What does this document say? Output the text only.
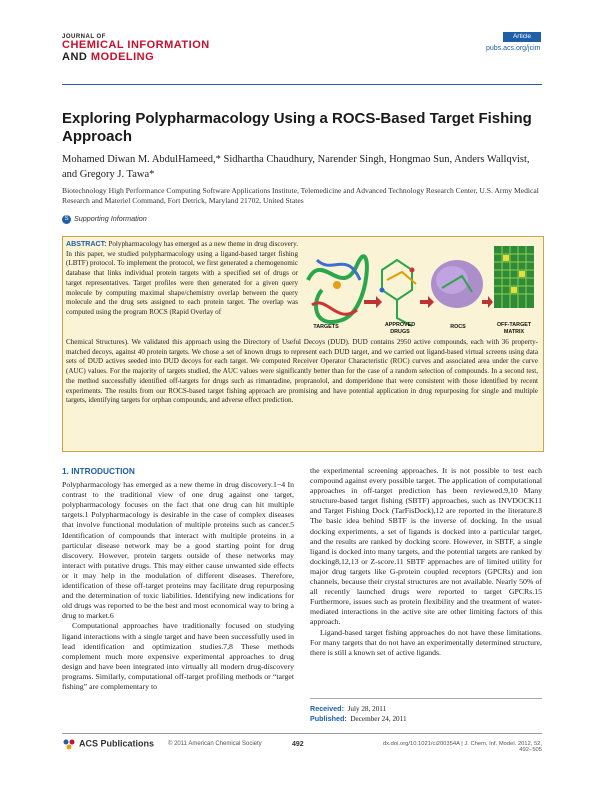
JOURNAL OF
CHEMICAL INFORMATION
AND MODELING
Article
pubs.acs.org/jcim
Exploring Polypharmacology Using a ROCS-Based Target Fishing Approach
Mohamed Diwan M. AbdulHameed,* Sidhartha Chaudhury, Narender Singh, Hongmao Sun, Anders Wallqvist, and Gregory J. Tawa*
Biotechnology High Performance Computing Software Applications Institute, Telemedicine and Advanced Technology Research Center, U.S. Army Medical Research and Materiel Command, Fort Detrick, Maryland 21702, United States
S Supporting Information
ABSTRACT: Polypharmacology has emerged as a new theme in drug discovery. In this paper, we studied polypharmacology using a ligand-based target fishing (LBTF) protocol. To implement the protocol, we first generated a chemogenomic database that links individual protein targets with a specified set of drugs or target representatives. Target profiles were then generated for a given query molecule by computing maximal shape/chemistry overlap between the query molecule and the drug sets assigned to each protein target. The overlap was computed using the program ROCS (Rapid Overlay of
TARGETS	APPROVED
DRUGS
ROCS	OFF-TARGET
MATRIX
Chemical Structures). We validated this approach using the Directory of Useful Decoys (DUD). DUD contains 2950 active compounds, each with 36 property-matched decoys, against 40 protein targets. We chose a set of known drugs to represent each DUD target, and we carried out ligand-based virtual screens using data sets of DUD actives seeded into DUD decoys for each target. We computed Receiver Operator Characteristic (ROC) curves and associated area under the curve (AUC) values. For the majority of targets studied, the AUC values were significantly better than for the case of a random selection of compounds. In a second test, the method successfully identified off-targets for drugs such as rimantadine, propranolol, and domperidone that were consistent with those identified by recent experiments. The results from our ROCS-based target fishing approach are promising and have potential application in drug repurposing for single and multiple targets, identifying targets for orphan compounds, and adverse effect prediction.
1. INTRODUCTION

Polypharmacology has emerged as a new theme in drug discovery.1−4 In contrast to the traditional view of one drug against one target, polypharmacology focuses on the fact that one drug can hit multiple targets.1 Polypharmacology is desirable in the case of complex diseases that involve functional modulation of multiple proteins such as cancer.5 Identification of compounds that interact with multiple proteins in a particular disease network may be a good starting point for drug discovery. However, protein targets outside of these networks may interact with putative drugs. This may either cause unwanted side effects or it may help in the modulation of different diseases. Therefore, identification of these off-target proteins may facilitate drug repurposing and the determination of toxic liabilities. Identifying new indications for old drugs was reported to be the best and most economical way to bring a drug to market.6

Computational approaches have traditionally focused on studying ligand interactions with a single target and have been successfully used in lead identification and optimization studies.7,8 These methods complement much more expensive experimental approaches to drug design and have been integrated into virtually all modern drug-discovery programs. Similarly, computational off-target profiling methods or “target fishing” are complementary to

the experimental screening approaches. It is not possible to test each compound against every possible target. The application of computational approaches in off-target prediction has been reviewed.9,10 Many structure-based target fishing (SBTF) approaches, such as INVDOCK11 and Target Fishing Dock (TarFisDock),12 are reported in the literature.8 The basic idea behind SBTF is the inverse of docking. In the usual docking experiments, a set of ligands is docked into a particular target, and the results are ranked by docking score. However, in SBTF, a single ligand is docked into many targets, and the potential targets are ranked by docking8,12,13 or Z-score.11 SBTF approaches are of limited utility for major drug targets like G-protein coupled receptors (GPCRs) and ion channels, because their crystal structures are not available. Nearly 50% of all recently launched drugs were reported to target GPCRs.15 Furthermore, issues such as protein flexibility and the treatment of water-mediated interactions in the active site are other limiting factors of this approach.

Ligand-based target fishing approaches do not have these limitations. For many targets that do not have an experimentally determined structure, there is still a known set of active ligands.

Received: July 28, 2011
Published: December 24, 2011
ACS Publications © 2011 American Chemical Society	492	dx.doi.org/10.1021/ci200354A | J. Chem. Inf. Model. 2012, 52, 492−505
